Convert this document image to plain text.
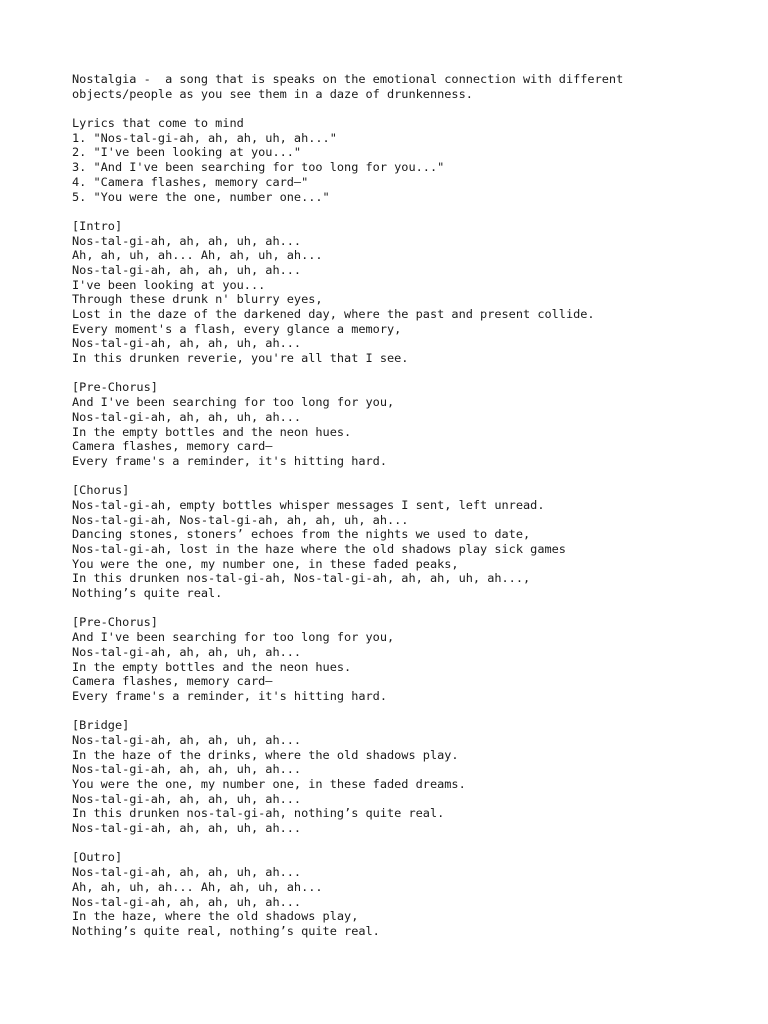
Nostalgia -  a song that is speaks on the emotional connection with different
objects/people as you see them in a daze of drunkenness.
Lyrics that come to mind
1. "Nos-tal-gi-ah, ah, ah, uh, ah..."
2. "I've been looking at you..."
3. "And I've been searching for too long for you..."
4. "Camera flashes, memory card—"
5. "You were the one, number one..."
[Intro]
Nos-tal-gi-ah, ah, ah, uh, ah...
Ah, ah, uh, ah... Ah, ah, uh, ah...
Nos-tal-gi-ah, ah, ah, uh, ah...
I've been looking at you...
Through these drunk n' blurry eyes,
Lost in the daze of the darkened day, where the past and present collide.
Every moment's a flash, every glance a memory,
Nos-tal-gi-ah, ah, ah, uh, ah...
In this drunken reverie, you're all that I see.
[Pre-Chorus]
And I've been searching for too long for you,
Nos-tal-gi-ah, ah, ah, uh, ah...
In the empty bottles and the neon hues.
Camera flashes, memory card—
Every frame's a reminder, it's hitting hard.
[Chorus]
Nos-tal-gi-ah, empty bottles whisper messages I sent, left unread.
Nos-tal-gi-ah, Nos-tal-gi-ah, ah, ah, uh, ah...
Dancing stones, stoners’ echoes from the nights we used to date,
Nos-tal-gi-ah, lost in the haze where the old shadows play sick games
You were the one, my number one, in these faded peaks,
In this drunken nos-tal-gi-ah, Nos-tal-gi-ah, ah, ah, uh, ah...,
Nothing’s quite real.
[Pre-Chorus]
And I've been searching for too long for you,
Nos-tal-gi-ah, ah, ah, uh, ah...
In the empty bottles and the neon hues.
Camera flashes, memory card—
Every frame's a reminder, it's hitting hard.
[Bridge]
Nos-tal-gi-ah, ah, ah, uh, ah...
In the haze of the drinks, where the old shadows play.
Nos-tal-gi-ah, ah, ah, uh, ah...
You were the one, my number one, in these faded dreams.
Nos-tal-gi-ah, ah, ah, uh, ah...
In this drunken nos-tal-gi-ah, nothing’s quite real.
Nos-tal-gi-ah, ah, ah, uh, ah...
[Outro]
Nos-tal-gi-ah, ah, ah, uh, ah...
Ah, ah, uh, ah... Ah, ah, uh, ah...
Nos-tal-gi-ah, ah, ah, uh, ah...
In the haze, where the old shadows play,
Nothing’s quite real, nothing’s quite real.
